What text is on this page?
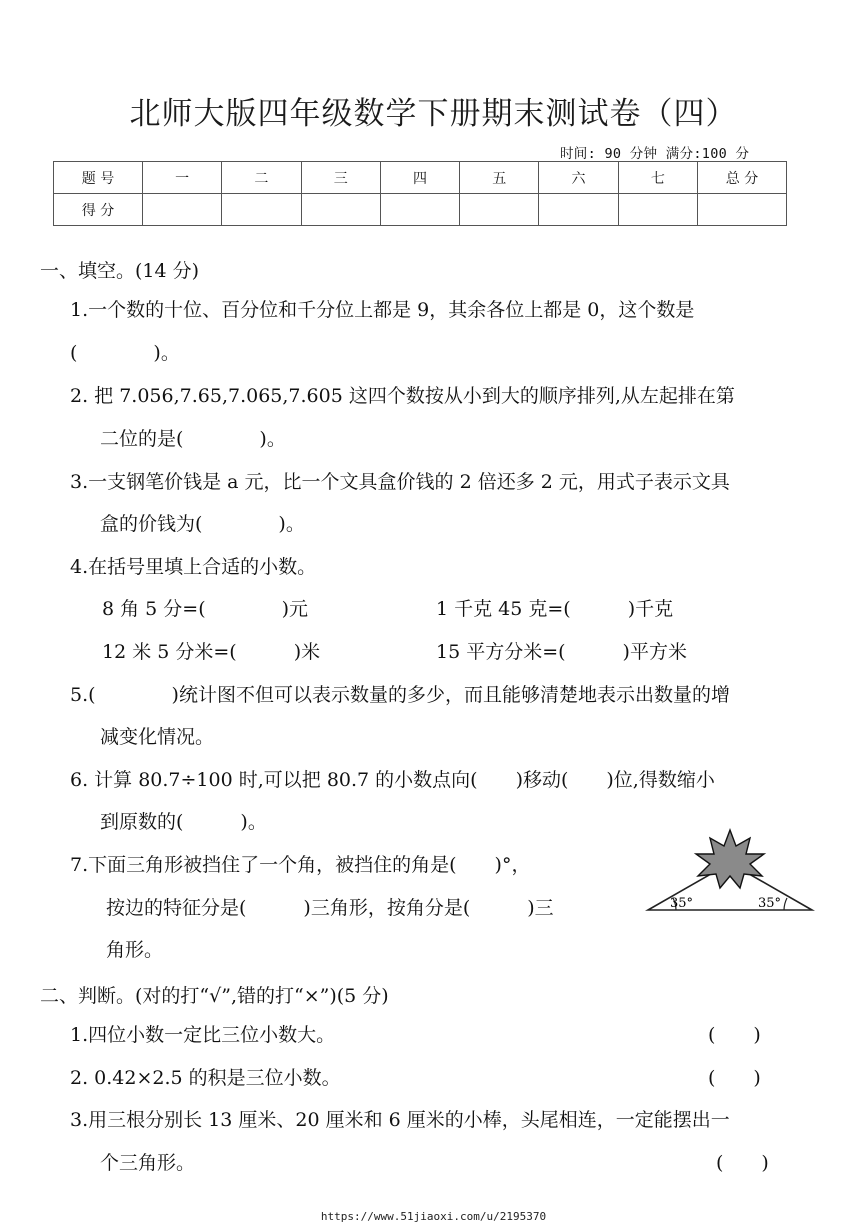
北师大版四年级数学下册期末测试卷（四）
时间: 90 分钟 满分:100 分
题 号	一	二	三	四	五	六	七	总 分
得 分								
一、填空。(14 分)
1.一个数的十位、百分位和千分位上都是 9，其余各位上都是 0，这个数是
(　　　　)。
2. 把 7.056,7.65,7.065,7.605 这四个数按从小到大的顺序排列,从左起排在第
二位的是(　　　　)。
3.一支钢笔价钱是 a 元，比一个文具盒价钱的 2 倍还多 2 元，用式子表示文具
盒的价钱为(　　　　)。
4.在括号里填上合适的小数。
8 角 5 分=(　　　　)元	1 千克 45 克=(　　　)千克
12 米 5 分米=(　　　)米	15 平方分米=(　　　)平方米
5.(　　　　)统计图不但可以表示数量的多少，而且能够清楚地表示出数量的增
减变化情况。
6. 计算 80.7÷100 时,可以把 80.7 的小数点向(　　)移动(　　)位,得数缩小
到原数的(　　　)。
7.下面三角形被挡住了一个角，被挡住的角是(　　)°，
按边的特征分是(　　　)三角形，按角分是(　　　)三
角形。
35°	35°
二、判断。(对的打“√”,错的打“×”)(5 分)
1.四位小数一定比三位小数大。	(　　)
2. 0.42×2.5 的积是三位小数。	(　　)
3.用三根分别长 13 厘米、20 厘米和 6 厘米的小棒，头尾相连，一定能摆出一
个三角形。	(　　)
https://www.51jiaoxi.com/u/2195370
